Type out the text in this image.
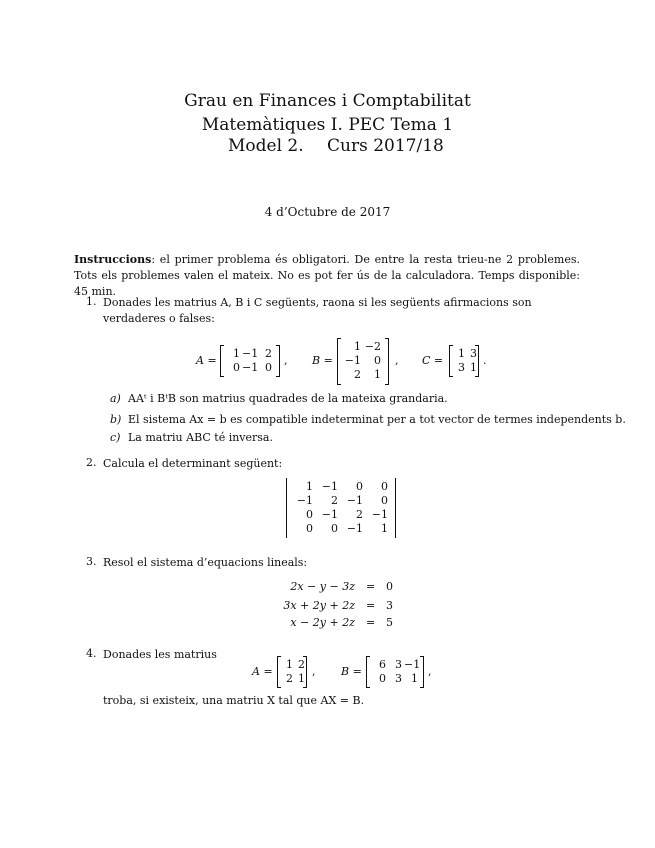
Grau en Finances i Comptabilitat
Matemàtiques I. PEC Tema 1
Model 2. Curs 2017/18
4 d’Octubre de 2017
Instruccions: el primer problema és obligatori. De entre la resta trieu-ne 2 problemes. Tots els problemes valen el mateix. No es pot fer ús de la calculadora. Temps disponible: 45 min.
1. Donades les matrius A, B i C següents, raona si les següents afirmacions son verdaderes o falses:
A =
1 −1 2
0 −1 0
, B =
1 −2
−1	0
2	1
, C =
1 3
3 1
.
a) AAᵗ i BᵗB son matrius quadrades de la mateixa grandaria.
b) El sistema Ax = b es compatible indeterminat per a tot vector de termes independents b.
c) La matriu ABC té inversa.
2. Calcula el determinant següent:
1 −1	0	0
−1	2 −1	0
0 −1	2 −1
0	0 −1	1
3. Resol el sistema d’equacions lineals:
2x − y − 3z = 0
3x + 2y + 2z = 3
x − 2y + 2z = 5
4. Donades les matrius
A =
1 2
2 1
, B =
6 3 −1
0 3 1
,
troba, si existeix, una matriu X tal que AX = B.
